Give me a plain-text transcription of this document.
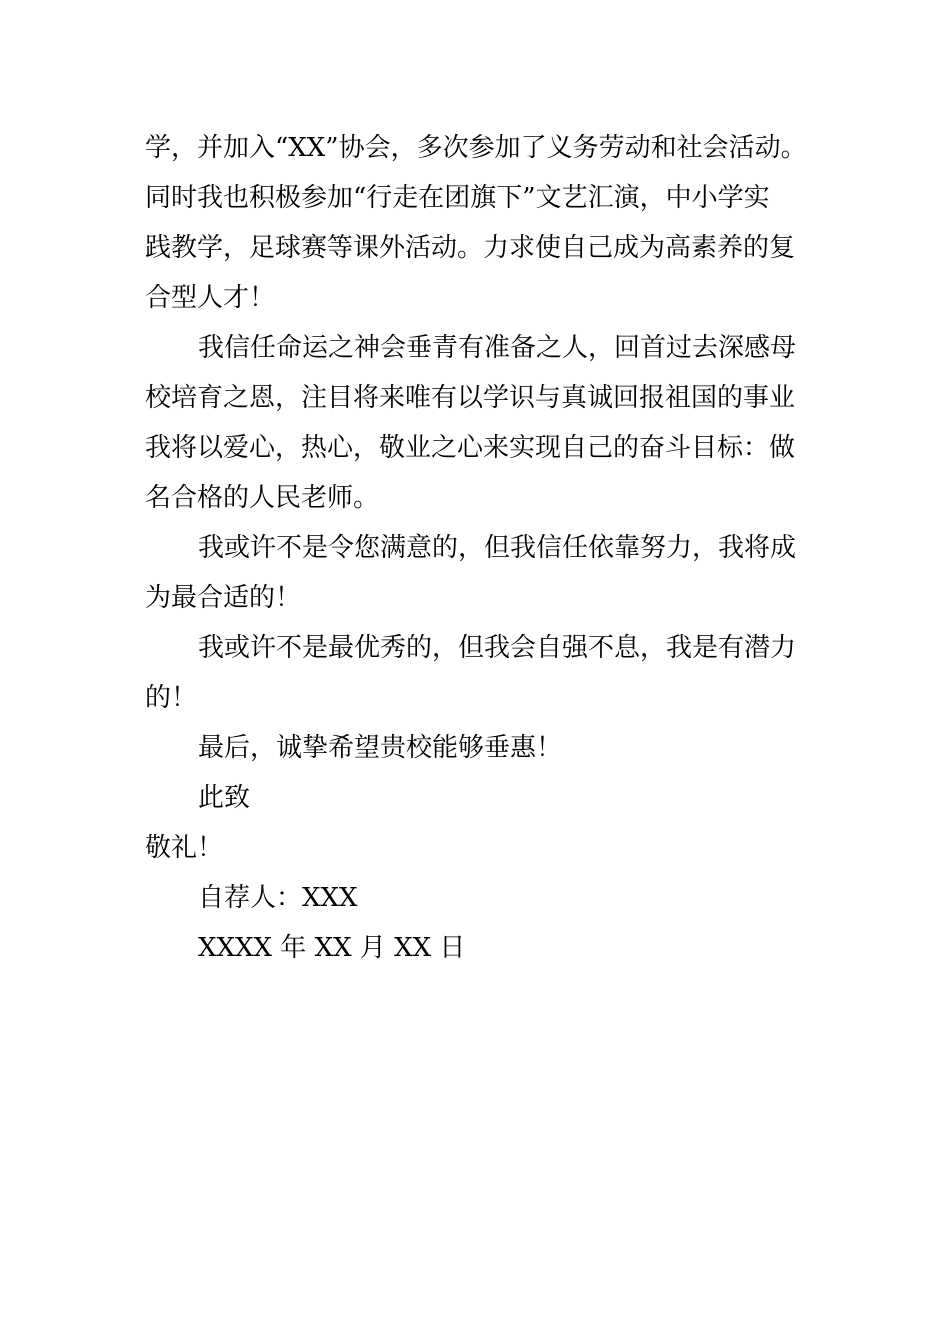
学，并加入“XX”协会，多次参加了义务劳动和社会活动。
同时我也积极参加“行走在团旗下”文艺汇演，中小学实
践教学，足球赛等课外活动。力求使自己成为高素养的复
合型人才！
我信任命运之神会垂青有准备之人，回首过去深感母
校培育之恩，注目将来唯有以学识与真诚回报祖国的事业
我将以爱心，热心，敬业之心来实现自己的奋斗目标：做
名合格的人民老师。
我或许不是令您满意的，但我信任依靠努力，我将成
为最合适的！
我或许不是最优秀的，但我会自强不息，我是有潜力
的！
最后，诚挚希望贵校能够垂惠！
此致
敬礼！
自荐人：XXX
XXXX 年 XX 月 XX 日
